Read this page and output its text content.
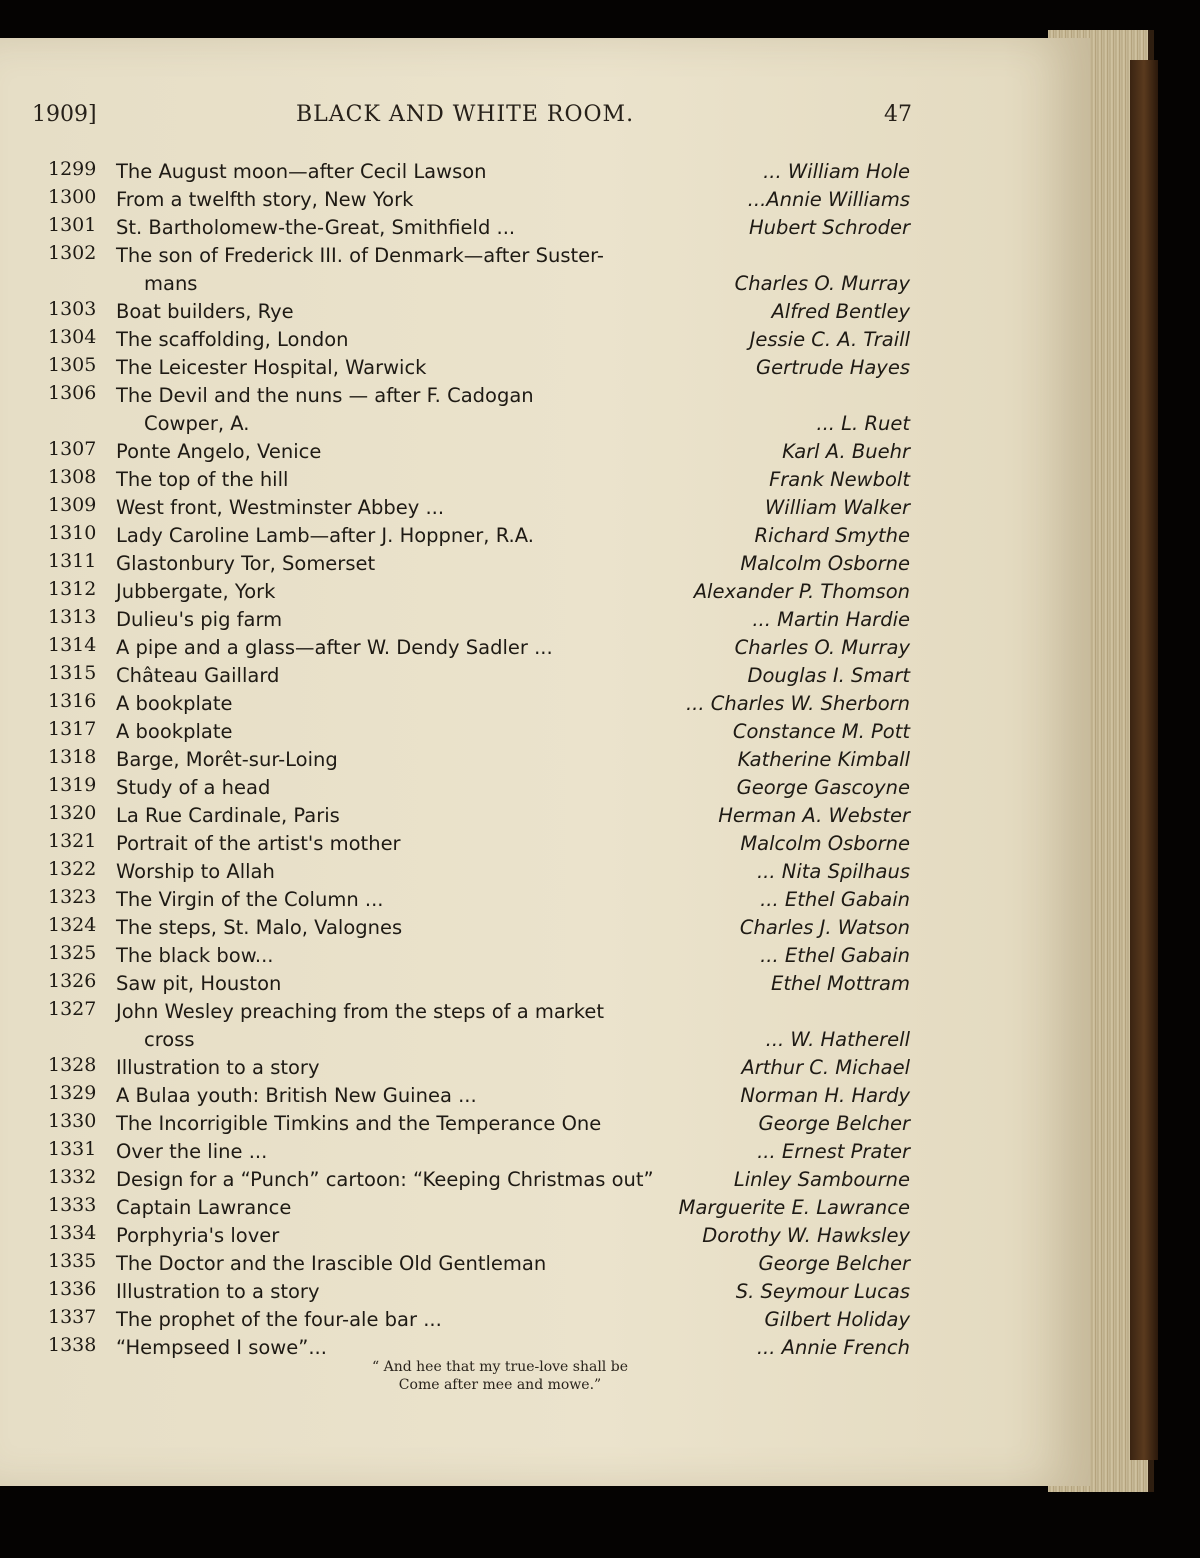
1909]	BLACK AND WHITE ROOM.	47
1299	The August moon—after Cecil Lawson	... William Hole
1300	From a twelfth story, New York	...Annie Williams
1301	St. Bartholomew-the-Great, Smithfield ...	Hubert Schroder
1302	The son of Frederick III. of Denmark—after Suster-
mans	Charles O. Murray
1303	Boat builders, Rye	Alfred Bentley
1304	The scaffolding, London	Jessie C. A. Traill
1305	The Leicester Hospital, Warwick	Gertrude Hayes
1306	The Devil and the nuns — after F. Cadogan
Cowper, A.	... L. Ruet
1307	Ponte Angelo, Venice	Karl A. Buehr
1308	The top of the hill	Frank Newbolt
1309	West front, Westminster Abbey ...	William Walker
1310	Lady Caroline Lamb—after J. Hoppner, R.A.	Richard Smythe
1311	Glastonbury Tor, Somerset	Malcolm Osborne
1312	Jubbergate, York	Alexander P. Thomson
1313	Dulieu's pig farm	... Martin Hardie
1314	A pipe and a glass—after W. Dendy Sadler ...	Charles O. Murray
1315	Château Gaillard	Douglas I. Smart
1316	A bookplate	... Charles W. Sherborn
1317	A bookplate	Constance M. Pott
1318	Barge, Morêt-sur-Loing	Katherine Kimball
1319	Study of a head	George Gascoyne
1320	La Rue Cardinale, Paris	Herman A. Webster
1321	Portrait of the artist's mother	Malcolm Osborne
1322	Worship to Allah	... Nita Spilhaus
1323	The Virgin of the Column ...	... Ethel Gabain
1324	The steps, St. Malo, Valognes	Charles J. Watson
1325	The black bow...	... Ethel Gabain
1326	Saw pit, Houston	Ethel Mottram
1327	John Wesley preaching from the steps of a market
cross	... W. Hatherell
1328	Illustration to a story	Arthur C. Michael
1329	A Bulaa youth: British New Guinea ...	Norman H. Hardy
1330	The Incorrigible Timkins and the Temperance One	George Belcher
1331	Over the line ...	... Ernest Prater
1332	Design for a “Punch” cartoon: “Keeping Christmas out”	Linley Sambourne
1333	Captain Lawrance	Marguerite E. Lawrance
1334	Porphyria's lover	Dorothy W. Hawksley
1335	The Doctor and the Irascible Old Gentleman	George Belcher
1336	Illustration to a story	S. Seymour Lucas
1337	The prophet of the four-ale bar ...	Gilbert Holiday
1338	“Hempseed I sowe”...	... Annie French
“ And hee that my true-love shall be
Come after mee and mowe.”
